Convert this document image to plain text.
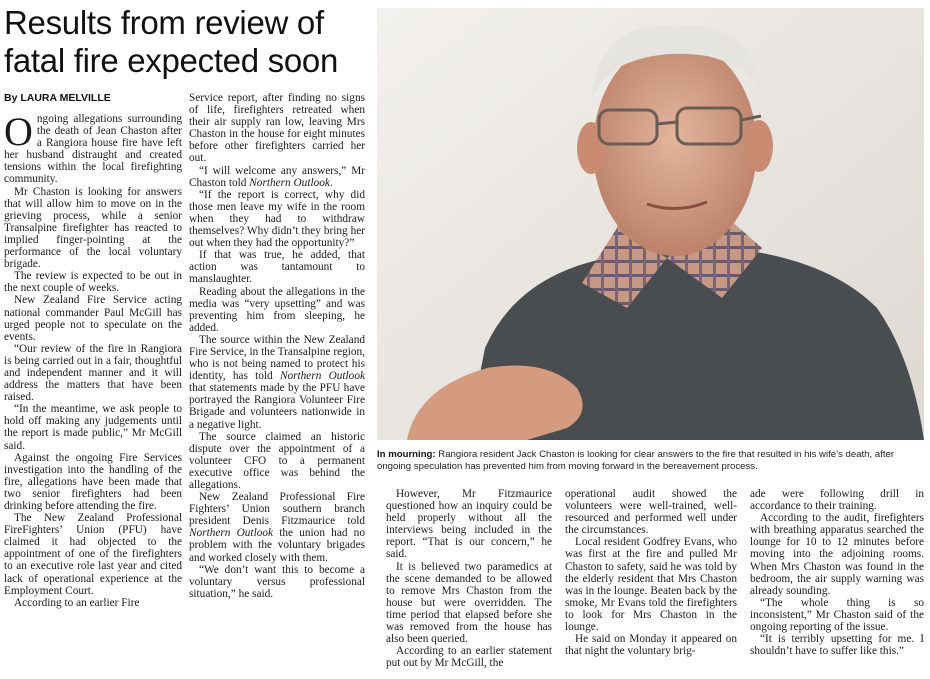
Results from review of fatal fire expected soon
By LAURA MELVILLE

Ongoing allegations surrounding the death of Jean Chaston after a Rangiora house fire have left her husband distraught and created tensions within the local firefighting community.

Mr Chaston is looking for answers that will allow him to move on in the grieving process, while a senior Transalpine firefighter has reacted to implied finger-pointing at the performance of the local voluntary brigade.

The review is expected to be out in the next couple of weeks.

New Zealand Fire Service acting national commander Paul McGill has urged people not to speculate on the events.

“Our review of the fire in Rangiora is being carried out in a fair, thoughtful and independent manner and it will address the matters that have been raised.

“In the meantime, we ask people to hold off making any judgements until the report is made public,” Mr McGill said.

Against the ongoing Fire Services investigation into the handling of the fire, allegations have been made that two senior firefighters had been drinking before attending the fire.

The New Zealand Professional FireFighters’ Union (PFU) have claimed it had objected to the appointment of one of the firefighters to an executive role last year and cited lack of operational experience at the Employment Court.

According to an earlier Fire

Service report, after finding no signs of life, firefighters retreated when their air supply ran low, leaving Mrs Chaston in the house for eight minutes before other firefighters carried her out.

“I will welcome any answers,” Mr Chaston told Northern Outlook.

“If the report is correct, why did those men leave my wife in the room when they had to withdraw themselves? Why didn’t they bring her out when they had the opportunity?”

If that was true, he added, that action was tantamount to manslaughter.

Reading about the allegations in the media was “very upsetting” and was preventing him from sleeping, he added.

The source within the New Zealand Fire Service, in the Transalpine region, who is not being named to protect his identity, has told Northern Outlook that statements made by the PFU have portrayed the Rangiora Volunteer Fire Brigade and volunteers nationwide in a negative light.

The source claimed an historic dispute over the appointment of a volunteer CFO to a permanent executive office was behind the allegations.

New Zealand Professional Fire Fighters’ Union southern branch president Denis Fitzmaurice told Northern Outlook the union had no problem with the voluntary brigades and worked closely with them.

“We don’t want this to become a voluntary versus professional situation,” he said.

In mourning: Rangiora resident Jack Chaston is looking for clear answers to the fire that resulted in his wife’s death, after ongoing speculation has prevented him from moving forward in the bereavement process.

However, Mr Fitzmaurice questioned how an inquiry could be held properly without all the interviews being included in the report. “That is our concern,” he said.

It is believed two paramedics at the scene demanded to be allowed to remove Mrs Chaston from the house but were overridden. The time period that elapsed before she was removed from the house has also been queried.

According to an earlier statement put out by Mr McGill, the

operational audit showed the volunteers were well-trained, well-resourced and performed well under the circumstances.

Local resident Godfrey Evans, who was first at the fire and pulled Mr Chaston to safety, said he was told by the elderly resident that Mrs Chaston was in the lounge. Beaten back by the smoke, Mr Evans told the firefighters to look for Mrs Chaston in the lounge.

He said on Monday it appeared on that night the voluntary brig-

ade were following drill in accordance to their training.

According to the audit, firefighters with breathing apparatus searched the lounge for 10 to 12 minutes before moving into the adjoining rooms. When Mrs Chaston was found in the bedroom, the air supply warning was already sounding.

“The whole thing is so inconsistent,” Mr Chaston said of the ongoing reporting of the issue.

“It is terribly upsetting for me. I shouldn’t have to suffer like this.”
